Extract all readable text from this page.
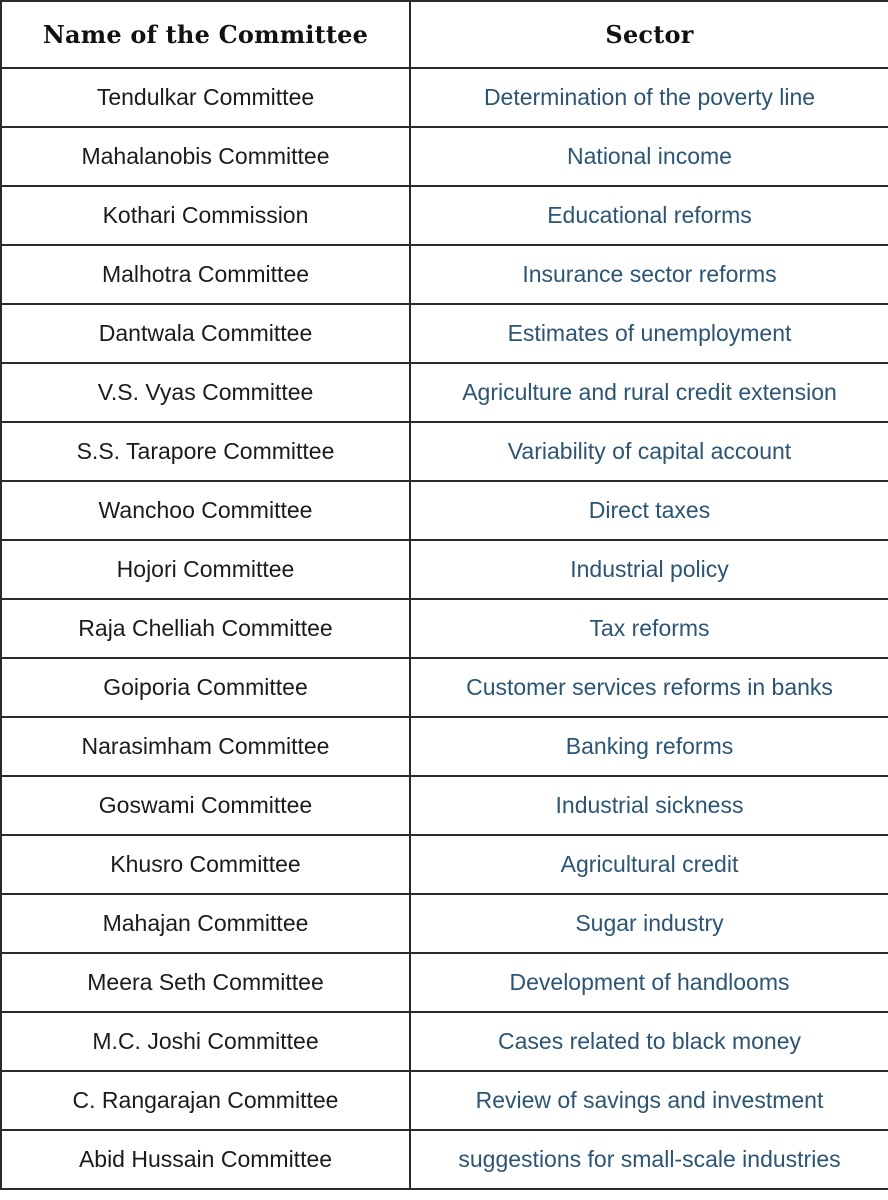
Name of the Committee	Sector
Tendulkar Committee	Determination of the poverty line
Mahalanobis Committee	National income
Kothari Commission	Educational reforms
Malhotra Committee	Insurance sector reforms
Dantwala Committee	Estimates of unemployment
V.S. Vyas Committee	Agriculture and rural credit extension
S.S. Tarapore Committee	Variability of capital account
Wanchoo Committee	Direct taxes
Hojori Committee	Industrial policy
Raja Chelliah Committee	Tax reforms
Goiporia Committee	Customer services reforms in banks
Narasimham Committee	Banking reforms
Goswami Committee	Industrial sickness
Khusro Committee	Agricultural credit
Mahajan Committee	Sugar industry
Meera Seth Committee	Development of handlooms
M.C. Joshi Committee	Cases related to black money
C. Rangarajan Committee	Review of savings and investment
Abid Hussain Committee	suggestions for small-scale industries
